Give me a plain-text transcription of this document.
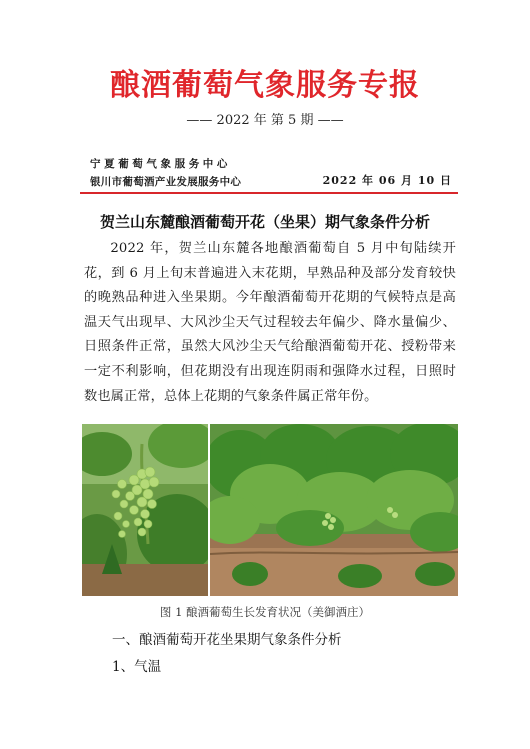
酿酒葡萄气象服务专报
—— 2022 年 第 5 期 ——
宁夏葡萄气象服务中心
银川市葡萄酒产业发展服务中心	2022 年 06 月 10 日
贺兰山东麓酿酒葡萄开花（坐果）期气象条件分析

2022 年，贺兰山东麓各地酿酒葡萄自 5 月中旬陆续开花，到 6 月上旬末普遍进入末花期，早熟品种及部分发育较快的晚熟品种进入坐果期。今年酿酒葡萄开花期的气候特点是高温天气出现早、大风沙尘天气过程较去年偏少、降水量偏少、日照条件正常，虽然大风沙尘天气给酿酒葡萄开花、授粉带来一定不利影响，但花期没有出现连阴雨和强降水过程，日照时数也属正常，总体上花期的气象条件属正常年份。

图 1 酿酒葡萄生长发育状况（美御酒庄）
一、酿酒葡萄开花坐果期气象条件分析
1、气温
